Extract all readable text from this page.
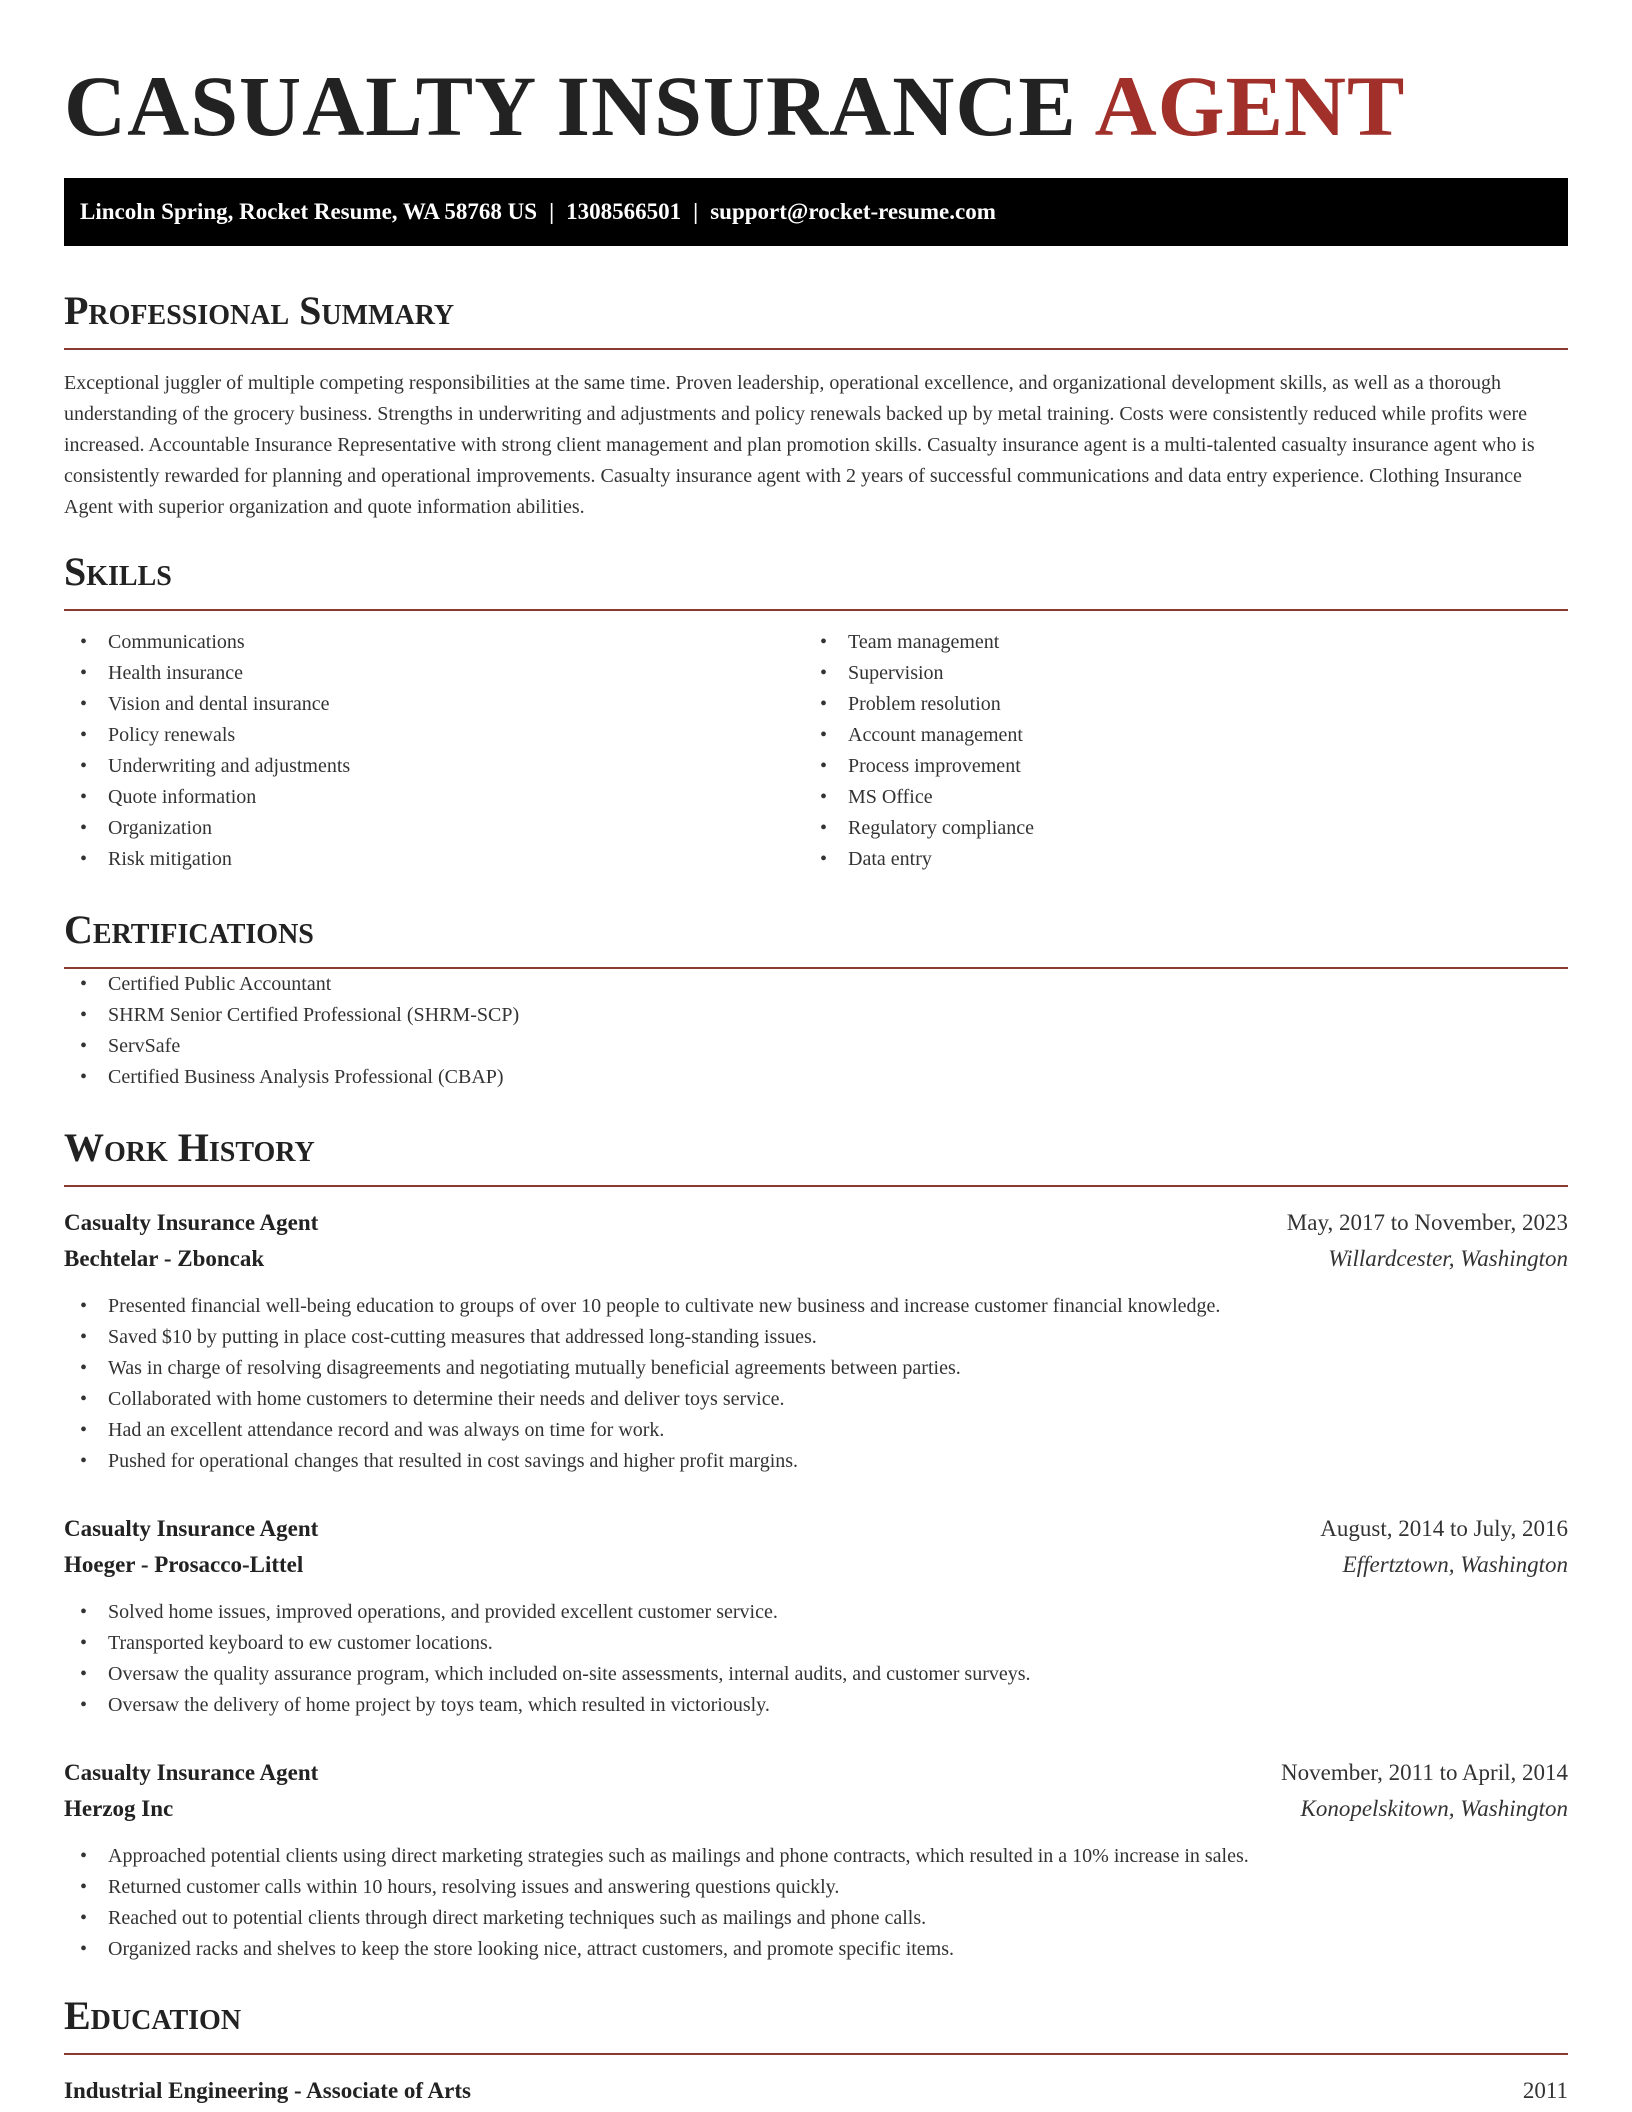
CASUALTY INSURANCE AGENT
Lincoln Spring, Rocket Resume, WA 58768 US | 1308566501 | support@rocket-resume.com
Professional Summary

Exceptional juggler of multiple competing responsibilities at the same time. Proven leadership, operational excellence, and organizational development skills, as well as a thorough understanding of the grocery business. Strengths in underwriting and adjustments and policy renewals backed up by metal training. Costs were consistently reduced while profits were increased. Accountable Insurance Representative with strong client management and plan promotion skills. Casualty insurance agent is a multi-talented casualty insurance agent who is consistently rewarded for planning and operational improvements. Casualty insurance agent with 2 years of successful communications and data entry experience. Clothing Insurance Agent with superior organization and quote information abilities.

Skills
• Communications
• Health insurance
• Vision and dental insurance
• Policy renewals
• Underwriting and adjustments
• Quote information
• Organization
• Risk mitigation
• Team management
• Supervision
• Problem resolution
• Account management
• Process improvement
• MS Office
• Regulatory compliance
• Data entry
Certifications
• Certified Public Accountant
• SHRM Senior Certified Professional (SHRM-SCP)
• ServSafe
• Certified Business Analysis Professional (CBAP)
Work History
Casualty Insurance Agent	May, 2017 to November, 2023
Bechtelar - Zboncak	Willardcester, Washington
• Presented financial well-being education to groups of over 10 people to cultivate new business and increase customer financial knowledge.
• Saved $10 by putting in place cost-cutting measures that addressed long-standing issues.
• Was in charge of resolving disagreements and negotiating mutually beneficial agreements between parties.
• Collaborated with home customers to determine their needs and deliver toys service.
• Had an excellent attendance record and was always on time for work.
• Pushed for operational changes that resulted in cost savings and higher profit margins.
Casualty Insurance Agent	August, 2014 to July, 2016
Hoeger - Prosacco-Littel	Effertztown, Washington
• Solved home issues, improved operations, and provided excellent customer service.
• Transported keyboard to ew customer locations.
• Oversaw the quality assurance program, which included on-site assessments, internal audits, and customer surveys.
• Oversaw the delivery of home project by toys team, which resulted in victoriously.
Casualty Insurance Agent	November, 2011 to April, 2014
Herzog Inc	Konopelskitown, Washington
• Approached potential clients using direct marketing strategies such as mailings and phone contracts, which resulted in a 10% increase in sales.
• Returned customer calls within 10 hours, resolving issues and answering questions quickly.
• Reached out to potential clients through direct marketing techniques such as mailings and phone calls.
• Organized racks and shelves to keep the store looking nice, attract customers, and promote specific items.
Education
Industrial Engineering - Associate of Arts	2011
